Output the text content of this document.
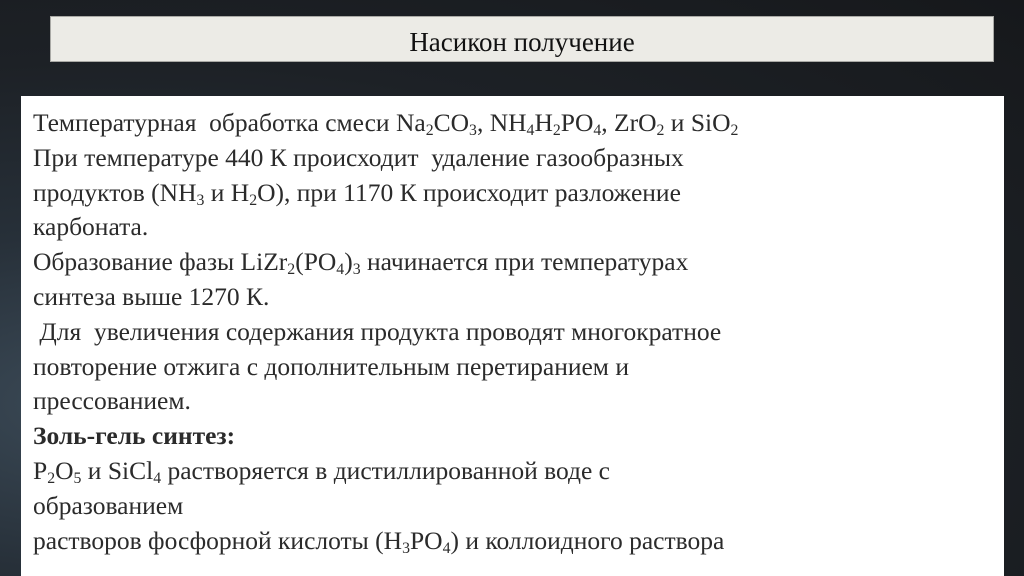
Насикон получение

Температурная  обработка смеси $Na_2CO_3$, $NH_4H_2PO_4$, ZrO$_2$ и SiO$_2$

При температуре 440 К происходит  удаление газообразных

продуктов ($NH_3$ и $H_2O$), при 1170 К происходит разложение

карбоната.

Образование фазы $LiZr_2(PO_4)_3$ начинается при температурах

синтеза выше 1270 К.

Для  увеличения содержания продукта проводят многократное

повторение отжига с дополнительным перетиранием и

прессованием.

Золь-гель синтез:

$P_2O_5$ и SiCl$_4$ растворяется в дистиллированной воде с

образованием

растворов фосфорной кислоты $(H_3PO_4)$ и коллоидного раствора
